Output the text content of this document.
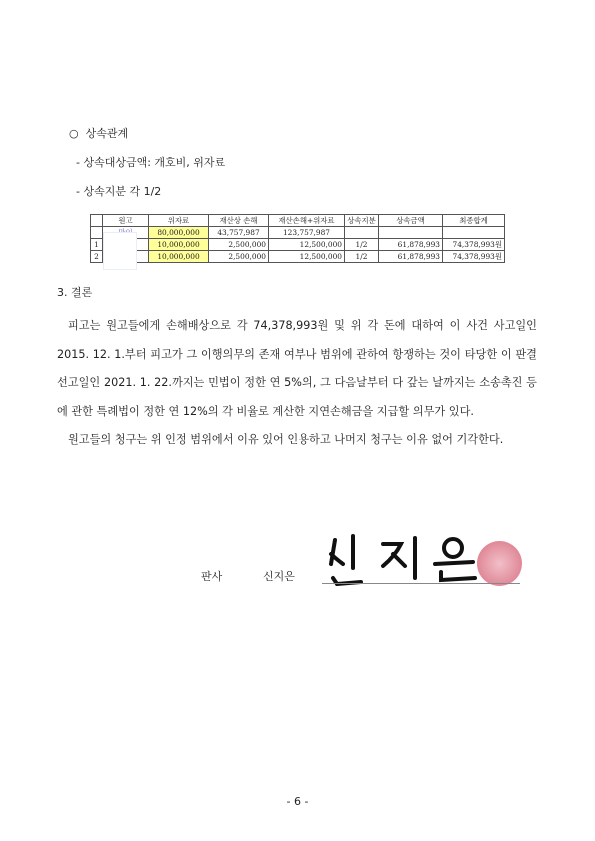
○ 상속관계
- 상속대상금액: 개호비, 위자료
- 상속지분 각 1/2
	원고	위자료	재산상 손해	재산손해+위자료	상속지분	상속금액	최종합계
		80,000,000	43,757,987	123,757,987			
1		10,000,000	2,500,000	12,500,000	1/2	61,878,993	74,378,993원
2		10,000,000	2,500,000	12,500,000	1/2	61,878,993	74,378,993원
3. 결론

피고는 원고들에게 손해배상으로 각 74,378,993원 및 위 각 돈에 대하여 이 사건 사고일인 2015. 12. 1.부터 피고가 그 이행의무의 존재 여부나 범위에 관하여 항쟁하는 것이 타당한 이 판결 선고일인 2021. 1. 22.까지는 민법이 정한 연 5%의, 그 다음날부터 다 갚는 날까지는 소송촉진 등에 관한 특례법이 정한 연 12%의 각 비율로 계산한 지연손해금을 지급할 의무가 있다.

원고들의 청구는 위 인정 범위에서 이유 있어 인용하고 나머지 청구는 이유 없어 기각한다.

판사	신지은
- 6 -
